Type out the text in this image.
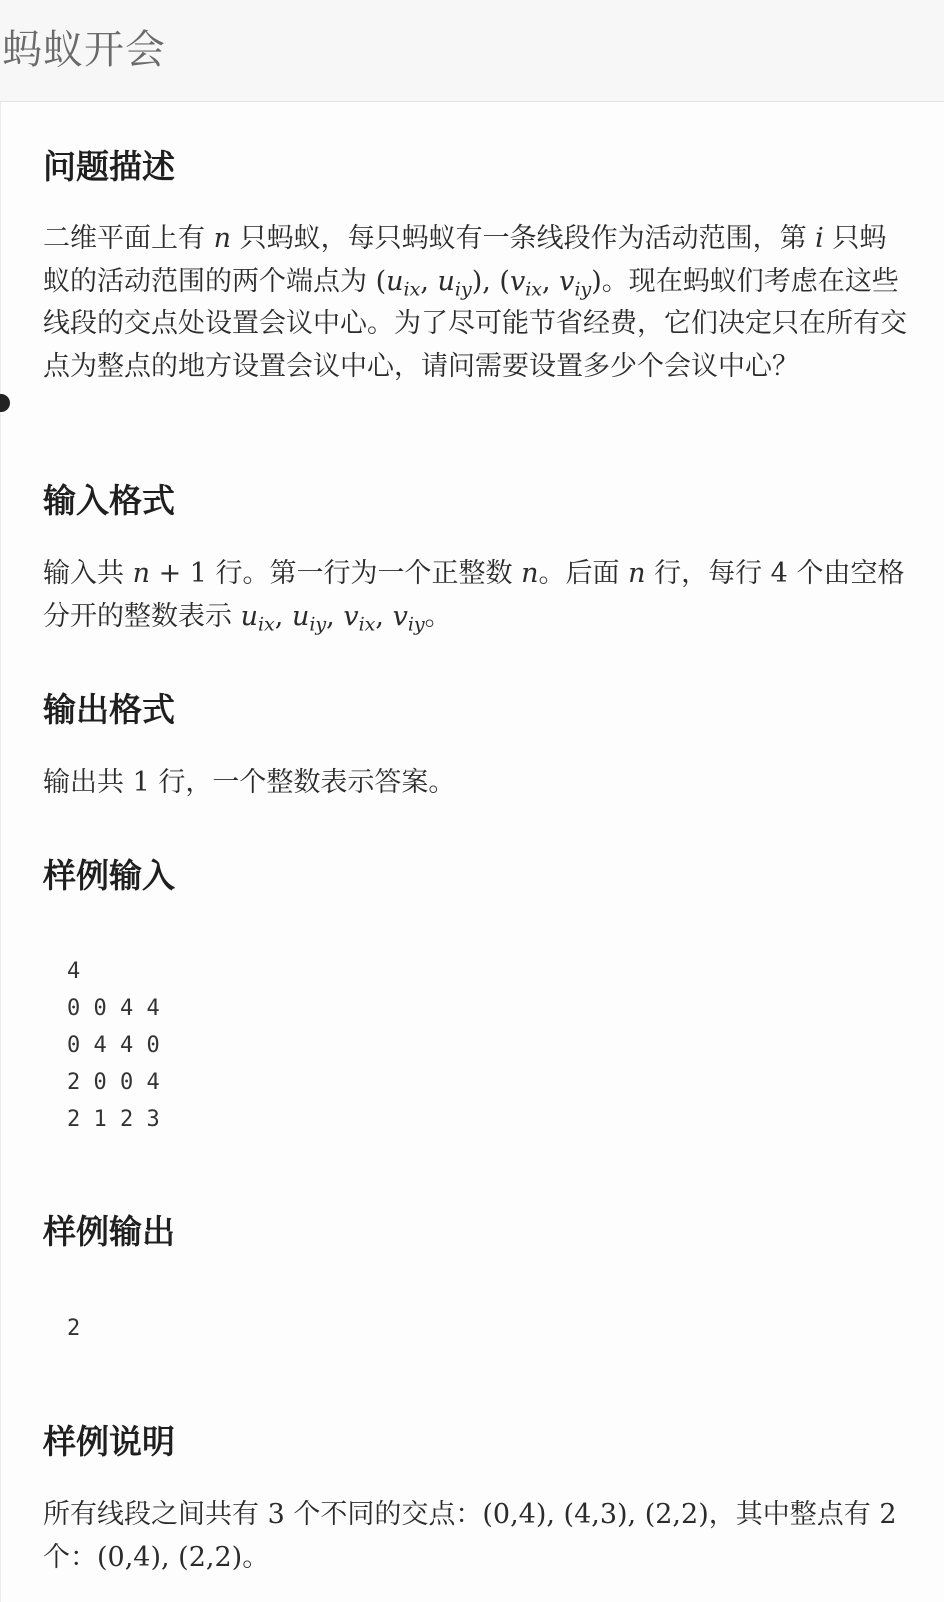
蚂蚁开会
问题描述

二维平面上有 n 只蚂蚁，每只蚂蚁有一条线段作为活动范围，第 i 只蚂蚁的活动范围的两个端点为 ($u_{ix}$, $u_{iy}$), ($v_{ix}$, $v_{iy}$)。现在蚂蚁们考虑在这些线段的交点处设置会议中心。为了尽可能节省经费，它们决定只在所有交点为整点的地方设置会议中心，请问需要设置多少个会议中心？

输入格式

输入共 n + 1 行。第一行为一个正整数 n。后面 n 行，每行 4 个由空格分开的整数表示 $u_{ix}$, $u_{iy}$, $v_{ix}$, $v_{iy}$。

输出格式

输出共 1 行，一个整数表示答案。

样例输入
4
0 0 4 4
0 4 4 0
2 0 0 4
2 1 2 3
样例输出
2
样例说明

所有线段之间共有 3 个不同的交点：(0,4), (4,3), (2,2)，其中整点有 2 个：(0,4), (2,2)。
